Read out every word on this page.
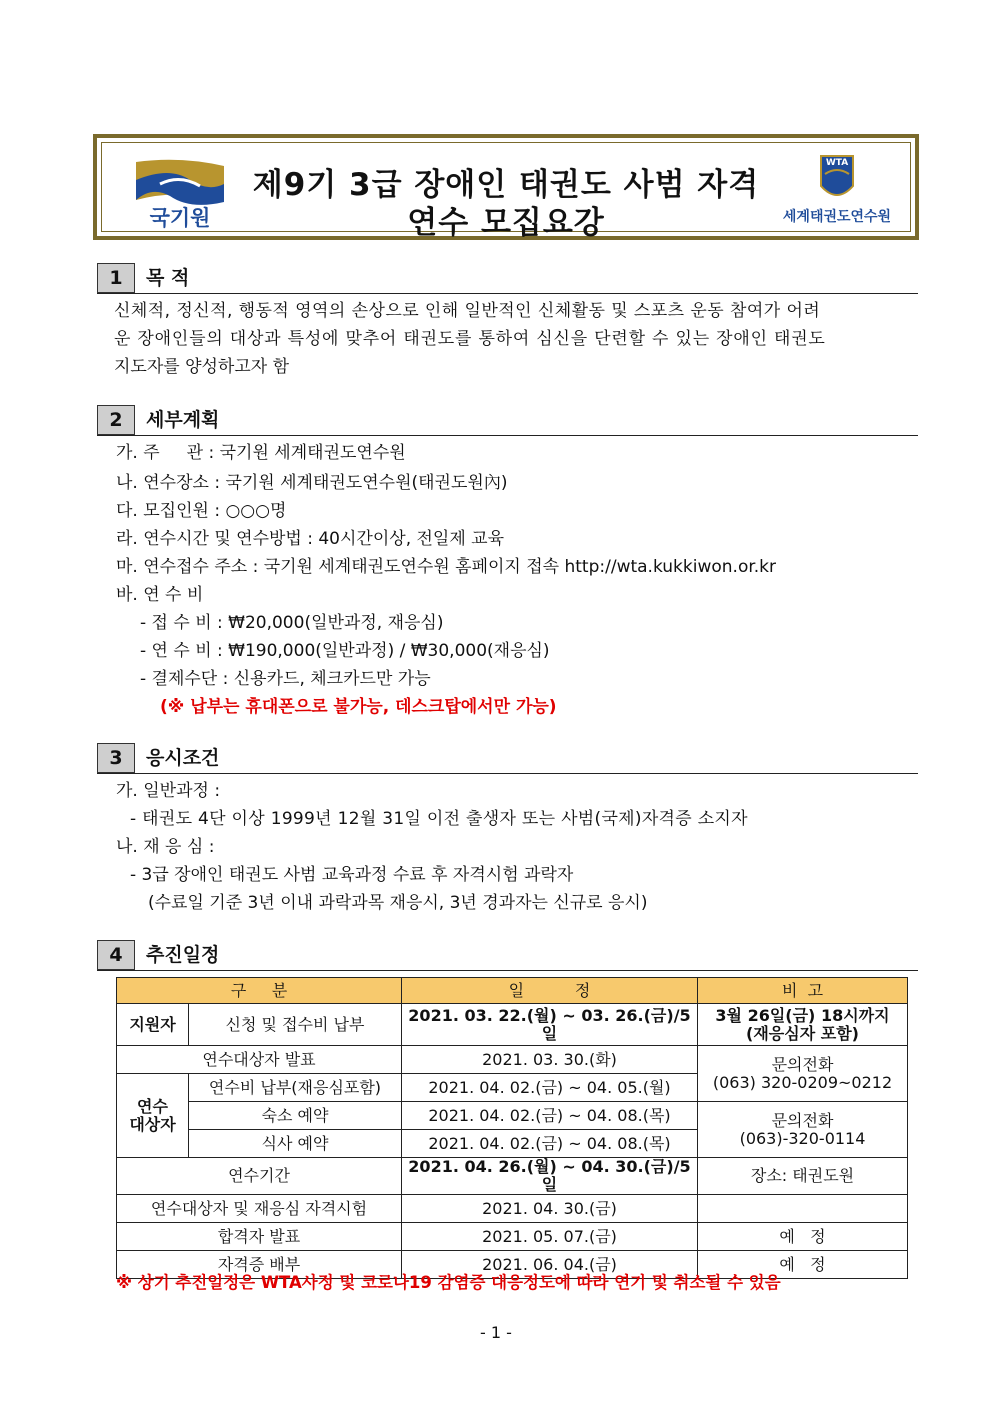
제9기 3급 장애인 태권도 사범 자격
연수 모집요강
국기원
WTA
세계태권도연수원
1	목 적
신체적, 정신적, 행동적 영역의 손상으로 인해 일반적인 신체활동 및 스포츠 운동 참여가 어려
운 장애인들의 대상과 특성에 맞추어 태권도를 통하여 심신을 단련할 수 있는 장애인 태권도
지도자를 양성하고자 함
2	세부계획
가. 주     관 : 국기원 세계태권도연수원
나. 연수장소 : 국기원 세계태권도연수원(태권도원內)
다. 모집인원 : ○○○명
라. 연수시간 및 연수방법 : 40시간이상, 전일제 교육
마. 연수접수 주소 : 국기원 세계태권도연수원 홈페이지 접속 http://wta.kukkiwon.or.kr
바. 연 수 비
- 접 수 비 : ₩20,000(일반과정, 재응심)
- 연 수 비 : ₩190,000(일반과정) / ₩30,000(재응심)
- 결제수단 : 신용카드, 체크카드만 가능
(※ 납부는 휴대폰으로 불가능, 데스크탑에서만 가능)
3	응시조건
가. 일반과정 :
- 태권도 4단 이상 1999년 12월 31일 이전 출생자 또는 사범(국제)자격증 소지자
나. 재 응 심 :
- 3급 장애인 태권도 사범 교육과정 수료 후 자격시험 과락자
(수료일 기준 3년 이내 과락과목 재응시, 3년 경과자는 신규로 응시)
4	추진일정
구     분		일          정	비  고
지원자	신청 및 접수비 납부	2021. 03. 22.(월) ~ 03. 26.(금)/5일	3월 26일(금) 18시까지
(재응심자 포함)
연수대상자 발표		2021. 03. 30.(화)	문의전화
(063) 320-0209~0212
연수
대상자	연수비 납부(재응심포함)	2021. 04. 02.(금) ~ 04. 05.(월)	
	숙소 예약	2021. 04. 02.(금) ~ 04. 08.(목)	문의전화
(063)-320-0114
	식사 예약	2021. 04. 02.(금) ~ 04. 08.(목)	
연수기간		2021. 04. 26.(월) ~ 04. 30.(금)/5일	장소: 태권도원
연수대상자 및 재응심 자격시험		2021. 04. 30.(금)	
합격자 발표		2021. 05. 07.(금)	예   정
자격증 배부		2021. 06. 04.(금)	예   정
※ 상기 추진일정은 WTA사정 및 코로나19 감염증 대응정도에 따라 연기 및 취소될 수 있음
- 1 -
